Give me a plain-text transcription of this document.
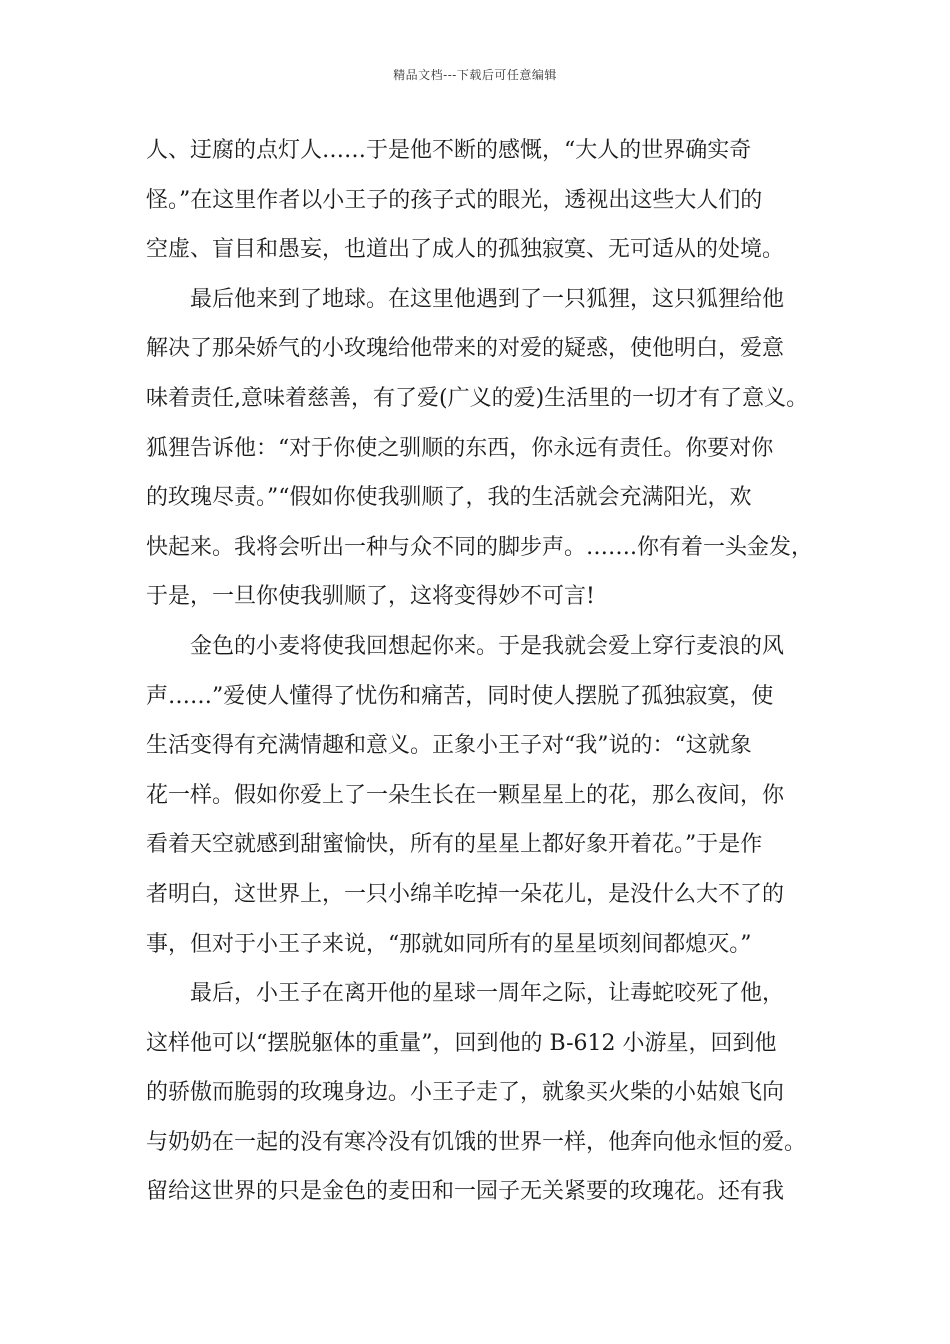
精品文档---下载后可任意编辑
人、迂腐的点灯人……于是他不断的感慨，“大人的世界确实奇
怪。”在这里作者以小王子的孩子式的眼光，透视出这些大人们的
空虚、盲目和愚妄，也道出了成人的孤独寂寞、无可适从的处境。
最后他来到了地球。在这里他遇到了一只狐狸，这只狐狸给他
解决了那朵娇气的小玫瑰给他带来的对爱的疑惑，使他明白，爱意
味着责任,意味着慈善，有了爱(广义的爱)生活里的一切才有了意义。
狐狸告诉他：“对于你使之驯顺的东西，你永远有责任。你要对你
的玫瑰尽责。”“假如你使我驯顺了，我的生活就会充满阳光，欢
快起来。我将会听出一种与众不同的脚步声。…….你有着一头金发，
于是，一旦你使我驯顺了，这将变得妙不可言!
金色的小麦将使我回想起你来。于是我就会爱上穿行麦浪的风
声……”爱使人懂得了忧伤和痛苦，同时使人摆脱了孤独寂寞，使
生活变得有充满情趣和意义。正象小王子对“我”说的：“这就象
花一样。假如你爱上了一朵生长在一颗星星上的花，那么夜间，你
看着天空就感到甜蜜愉快，所有的星星上都好象开着花。”于是作
者明白，这世界上，一只小绵羊吃掉一朵花儿，是没什么大不了的
事，但对于小王子来说，“那就如同所有的星星顷刻间都熄灭。”
最后，小王子在离开他的星球一周年之际，让毒蛇咬死了他，
这样他可以“摆脱躯体的重量”，回到他的 B-612 小游星，回到他
的骄傲而脆弱的玫瑰身边。小王子走了，就象买火柴的小姑娘飞向
与奶奶在一起的没有寒冷没有饥饿的世界一样，他奔向他永恒的爱。
留给这世界的只是金色的麦田和一园子无关紧要的玫瑰花。还有我
